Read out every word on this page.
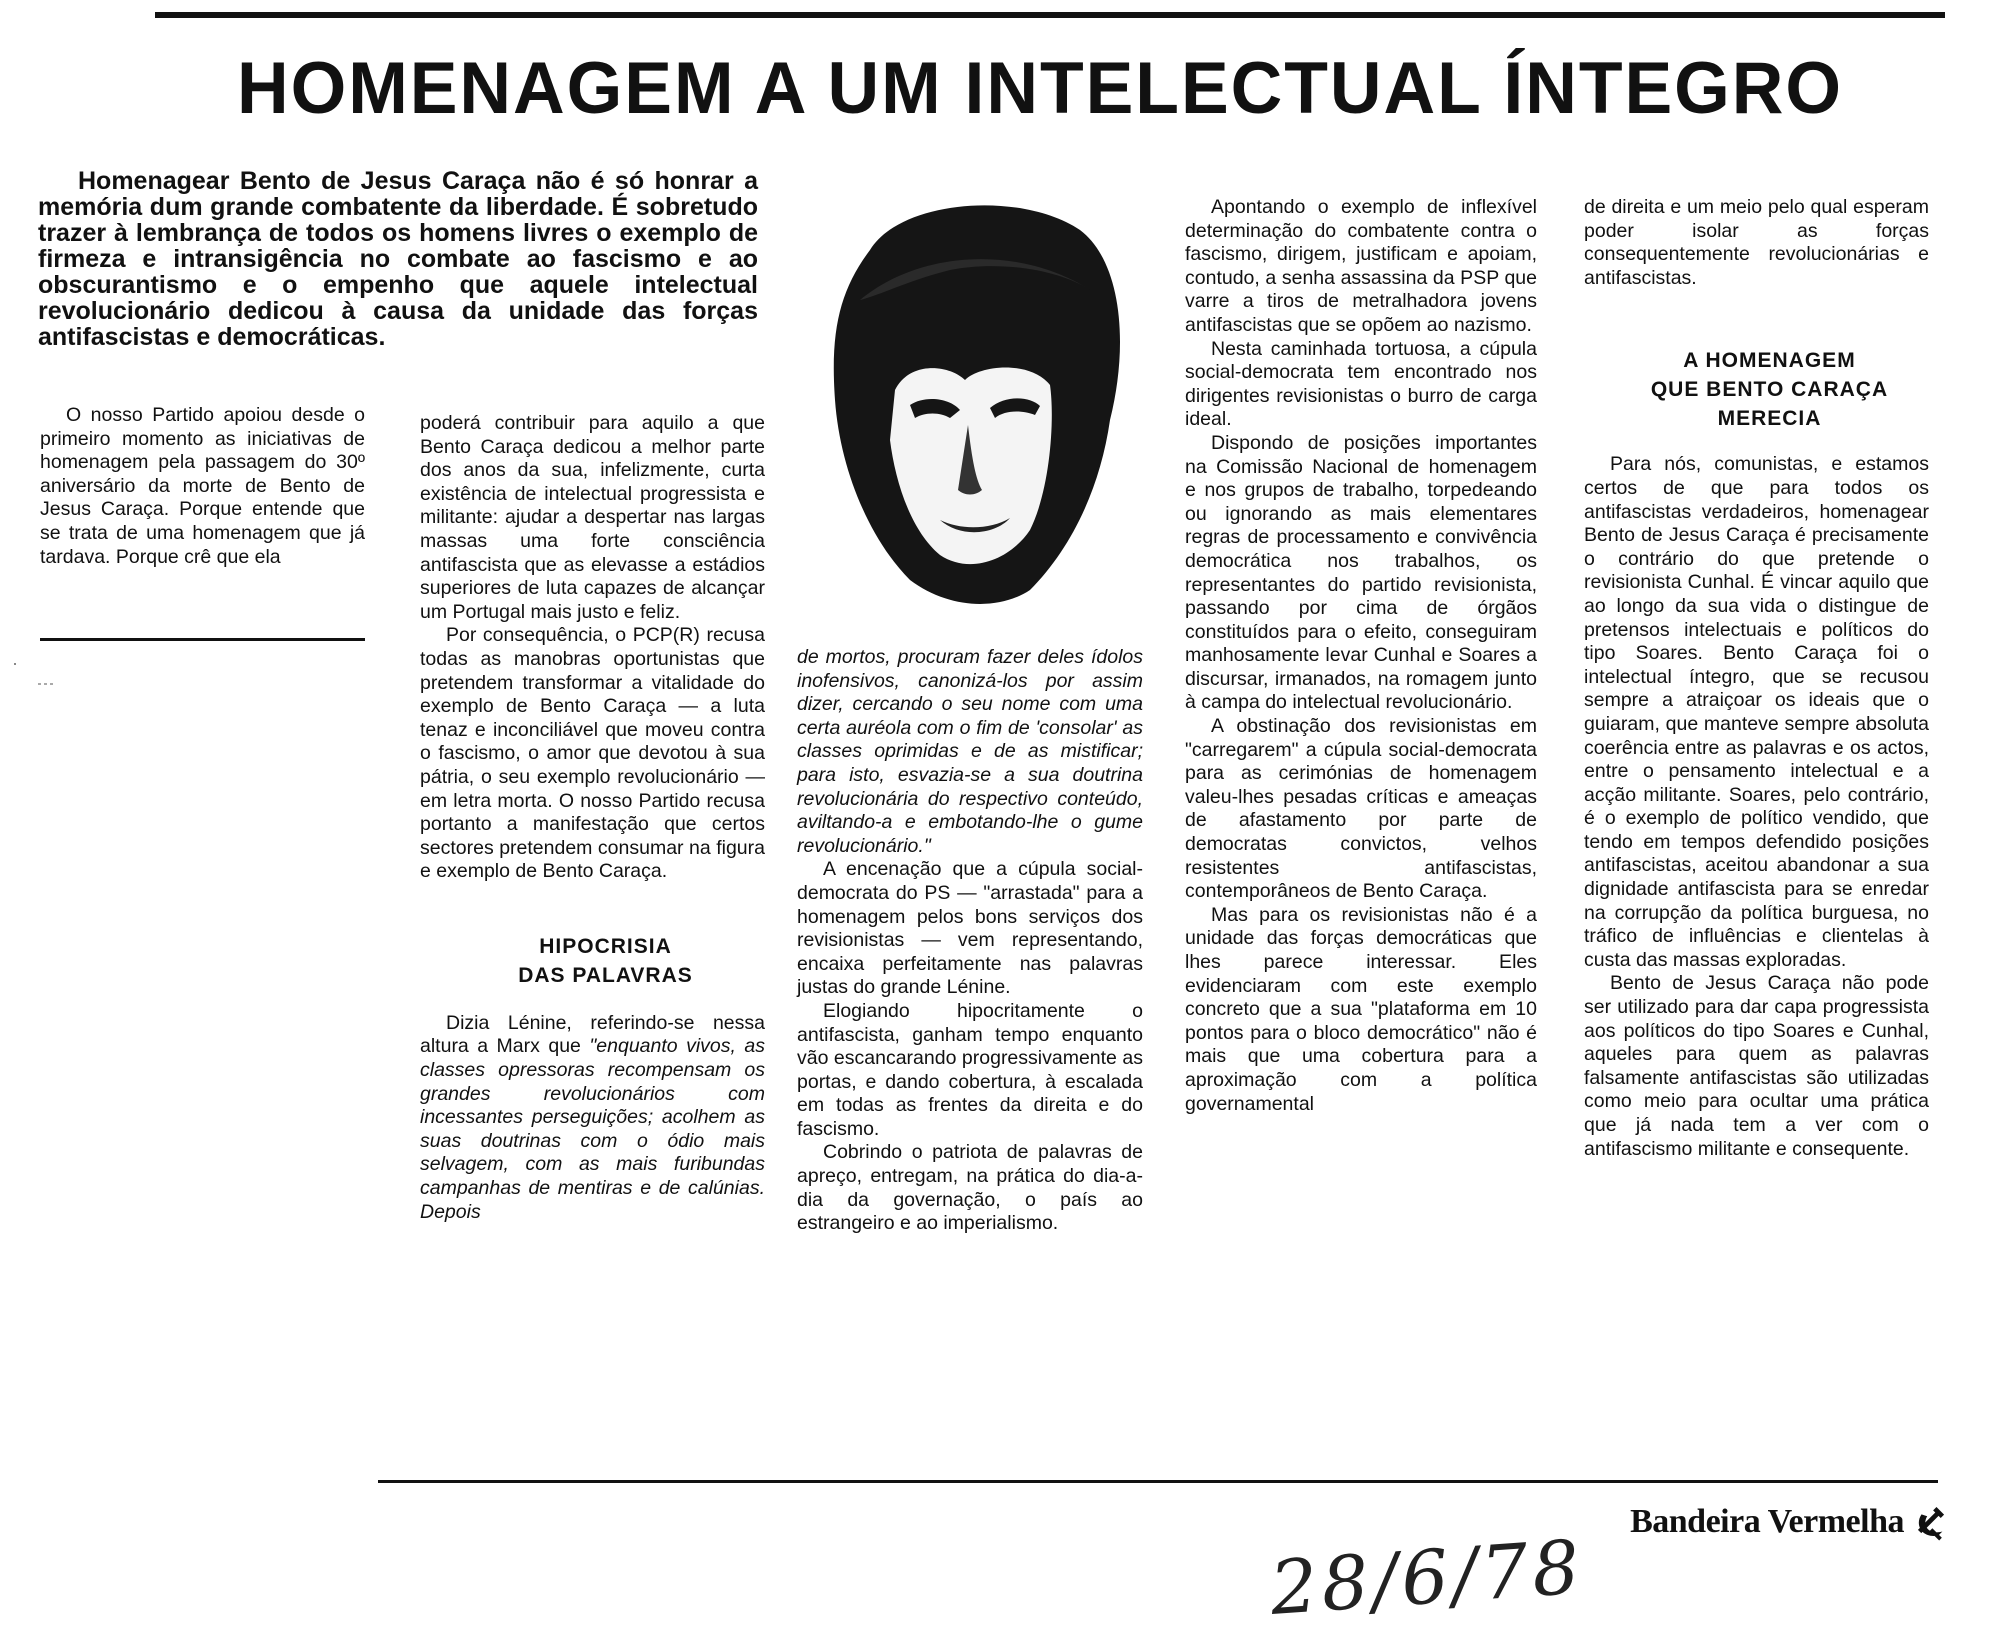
HOMENAGEM A UM INTELECTUAL ÍNTEGRO
Homenagear Bento de Jesus Caraça não é só honrar a memória dum grande combatente da liberdade. É sobretudo trazer à lembrança de todos os homens livres o exemplo de firmeza e intransigência no combate ao fascismo e ao obscurantismo e o empenho que aquele intelectual revolucionário dedicou à causa da unidade das forças antifascistas e democráticas.

O nosso Partido apoiou desde o primeiro momento as iniciativas de homenagem pela passagem do 30º aniversário da morte de Bento de Jesus Caraça. Porque entende que se trata de uma homenagem que já tardava. Porque crê que ela

poderá contribuir para aquilo a que Bento Caraça dedicou a melhor parte dos anos da sua, infelizmente, curta existência de intelectual progressista e militante: ajudar a despertar nas largas massas uma forte consciência antifascista que as elevasse a estádios superiores de luta capazes de alcançar um Portugal mais justo e feliz.

Por consequência, o PCP(R) recusa todas as manobras oportunistas que pretendem transformar a vitalidade do exemplo de Bento Caraça — a luta tenaz e inconciliável que moveu contra o fascismo, o amor que devotou à sua pátria, o seu exemplo revolucionário —em letra morta. O nosso Partido recusa portanto a manifestação que certos sectores pretendem consumar na figura e exemplo de Bento Caraça.

HIPOCRISIA

DAS PALAVRAS

Dizia Lénine, referindo-se nessa altura a Marx que "enquanto vivos, as classes opressoras recompensam os grandes revolucionários com incessantes perseguições; acolhem as suas doutrinas com o ódio mais selvagem, com as mais furibundas campanhas de mentiras e de calúnias. Depois

de mortos, procuram fazer deles ídolos inofensivos, canonizá-los por assim dizer, cercando o seu nome com uma certa auréola com o fim de 'consolar' as classes oprimidas e de as mistificar; para isto, esvazia-se a sua doutrina revolucionária do respectivo conteúdo, aviltando-a e embotando-lhe o gume revolucionário."

A encenação que a cúpula social-democrata do PS — "arrastada" para a homenagem pelos bons serviços dos revisionistas — vem representando, encaixa perfeitamente nas palavras justas do grande Lénine.

Elogiando hipocritamente o antifascista, ganham tempo enquanto vão escancarando progressivamente as portas, e dando cobertura, à escalada em todas as frentes da direita e do fascismo.

Cobrindo o patriota de palavras de apreço, entregam, na prática do dia-a-dia da governação, o país ao estrangeiro e ao imperialismo.

Apontando o exemplo de inflexível determinação do combatente contra o fascismo, dirigem, justificam e apoiam, contudo, a senha assassina da PSP que varre a tiros de metralhadora jovens antifascistas que se opõem ao nazismo.

Nesta caminhada tortuosa, a cúpula social-democrata tem encontrado nos dirigentes revisionistas o burro de carga ideal.

Dispondo de posições importantes na Comissão Nacional de homenagem e nos grupos de trabalho, torpedeando ou ignorando as mais elementares regras de processamento e convivência democrática nos trabalhos, os representantes do partido revisionista, passando por cima de órgãos constituídos para o efeito, conseguiram manhosamente levar Cunhal e Soares a discursar, irmanados, na romagem junto à campa do intelectual revolucionário.

A obstinação dos revisionistas em "carregarem" a cúpula social-democrata para as cerimónias de homenagem valeu-lhes pesadas críticas e ameaças de afastamento por parte de democratas convictos, velhos resistentes antifascistas, contemporâneos de Bento Caraça.

Mas para os revisionistas não é a unidade das forças democráticas que lhes parece interessar. Eles evidenciaram com este exemplo concreto que a sua "plataforma em 10 pontos para o bloco democrático" não é mais que uma cobertura para a aproximação com a política governamental

de direita e um meio pelo qual esperam poder isolar as forças consequentemente revolucionárias e antifascistas.

A HOMENAGEM

QUE BENTO CARAÇA

MERECIA

Para nós, comunistas, e estamos certos de que para todos os antifascistas verdadeiros, homenagear Bento de Jesus Caraça é precisamente o contrário do que pretende o revisionista Cunhal. É vincar aquilo que ao longo da sua vida o distingue de pretensos intelectuais e políticos do tipo Soares. Bento Caraça foi o intelectual íntegro, que se recusou sempre a atraiçoar os ideais que o guiaram, que manteve sempre absoluta coerência entre as palavras e os actos, entre o pensamento intelectual e a acção militante. Soares, pelo contrário, é o exemplo de político vendido, que tendo em tempos defendido posições antifascistas, aceitou abandonar a sua dignidade antifascista para se enredar na corrupção da política burguesa, no tráfico de influências e clientelas à custa das massas exploradas.

Bento de Jesus Caraça não pode ser utilizado para dar capa progressista aos políticos do tipo Soares e Cunhal, aqueles para quem as palavras falsamente antifascistas são utilizadas como meio para ocultar uma prática que já nada tem a ver com o antifascismo militante e consequente.

Bandeira Vermelha
28/6/78
